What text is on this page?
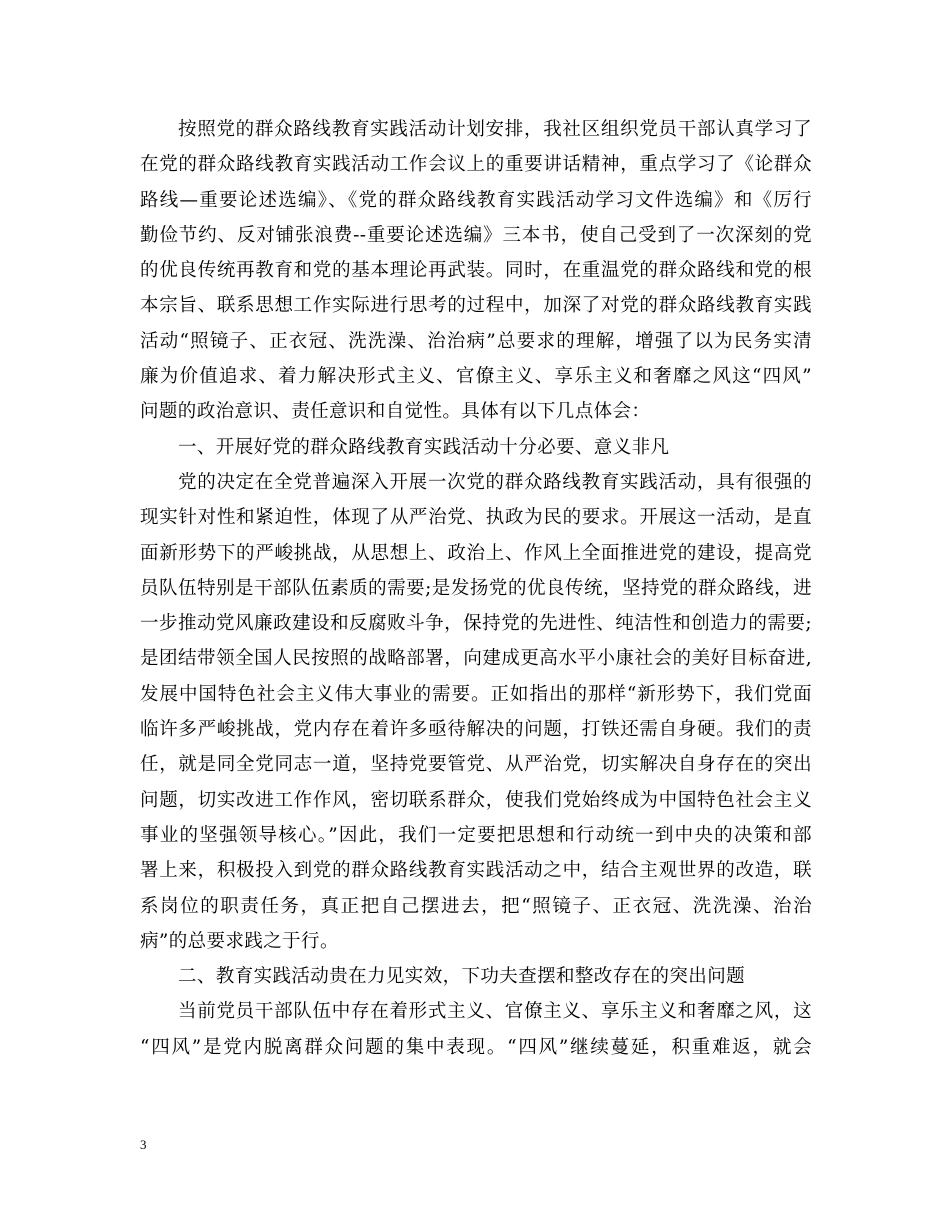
按照党的群众路线教育实践活动计划安排，我社区组织党员干部认真学习了
在党的群众路线教育实践活动工作会议上的重要讲话精神，重点学习了《论群众
路线—重要论述选编》、《党的群众路线教育实践活动学习文件选编》和《厉行
勤俭节约、反对铺张浪费--重要论述选编》三本书，使自己受到了一次深刻的党
的优良传统再教育和党的基本理论再武装。同时，在重温党的群众路线和党的根
本宗旨、联系思想工作实际进行思考的过程中，加深了对党的群众路线教育实践
活动“照镜子、正衣冠、洗洗澡、治治病”总要求的理解，增强了以为民务实清
廉为价值追求、着力解决形式主义、官僚主义、享乐主义和奢靡之风这“四风”
问题的政治意识、责任意识和自觉性。具体有以下几点体会：
一、开展好党的群众路线教育实践活动十分必要、意义非凡
党的决定在全党普遍深入开展一次党的群众路线教育实践活动，具有很强的
现实针对性和紧迫性，体现了从严治党、执政为民的要求。开展这一活动，是直
面新形势下的严峻挑战，从思想上、政治上、作风上全面推进党的建设，提高党
员队伍特别是干部队伍素质的需要;是发扬党的优良传统，坚持党的群众路线，进
一步推动党风廉政建设和反腐败斗争，保持党的先进性、纯洁性和创造力的需要;
是团结带领全国人民按照的战略部署，向建成更高水平小康社会的美好目标奋进,
发展中国特色社会主义伟大事业的需要。正如指出的那样“新形势下，我们党面
临许多严峻挑战，党内存在着许多亟待解决的问题，打铁还需自身硬。我们的责
任，就是同全党同志一道，坚持党要管党、从严治党，切实解决自身存在的突出
问题，切实改进工作作风，密切联系群众，使我们党始终成为中国特色社会主义
事业的坚强领导核心。”因此，我们一定要把思想和行动统一到中央的决策和部
署上来，积极投入到党的群众路线教育实践活动之中，结合主观世界的改造，联
系岗位的职责任务，真正把自己摆进去，把“照镜子、正衣冠、洗洗澡、治治
病”的总要求践之于行。
二、教育实践活动贵在力见实效，下功夫查摆和整改存在的突出问题
当前党员干部队伍中存在着形式主义、官僚主义、享乐主义和奢靡之风，这
“四风”是党内脱离群众问题的集中表现。“四风”继续蔓延，积重难返，就会
3
